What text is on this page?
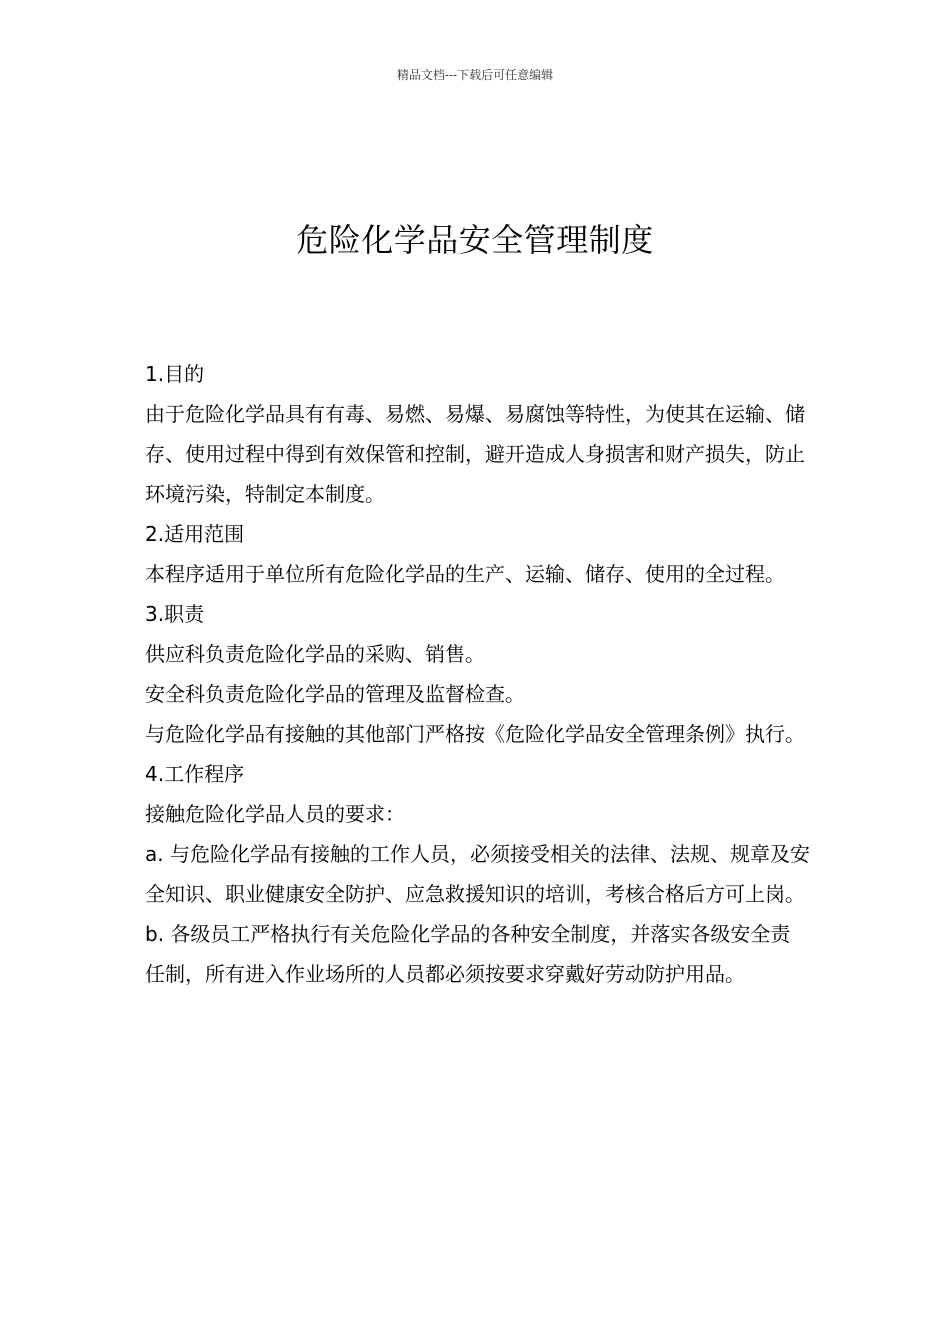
精品文档---下载后可任意编辑
危险化学品安全管理制度

1.目的

由于危险化学品具有有毒、易燃、易爆、易腐蚀等特性，为使其在运输、储存、使用过程中得到有效保管和控制，避开造成人身损害和财产损失，防止环境污染，特制定本制度。

2.适用范围

本程序适用于单位所有危险化学品的生产、运输、储存、使用的全过程。

3.职责

供应科负责危险化学品的采购、销售。

安全科负责危险化学品的管理及监督检查。

与危险化学品有接触的其他部门严格按《危险化学品安全管理条例》执行。

4.工作程序

接触危险化学品人员的要求：

a. 与危险化学品有接触的工作人员，必须接受相关的法律、法规、规章及安全知识、职业健康安全防护、应急救援知识的培训，考核合格后方可上岗。

b. 各级员工严格执行有关危险化学品的各种安全制度，并落实各级安全责任制，所有进入作业场所的人员都必须按要求穿戴好劳动防护用品。
